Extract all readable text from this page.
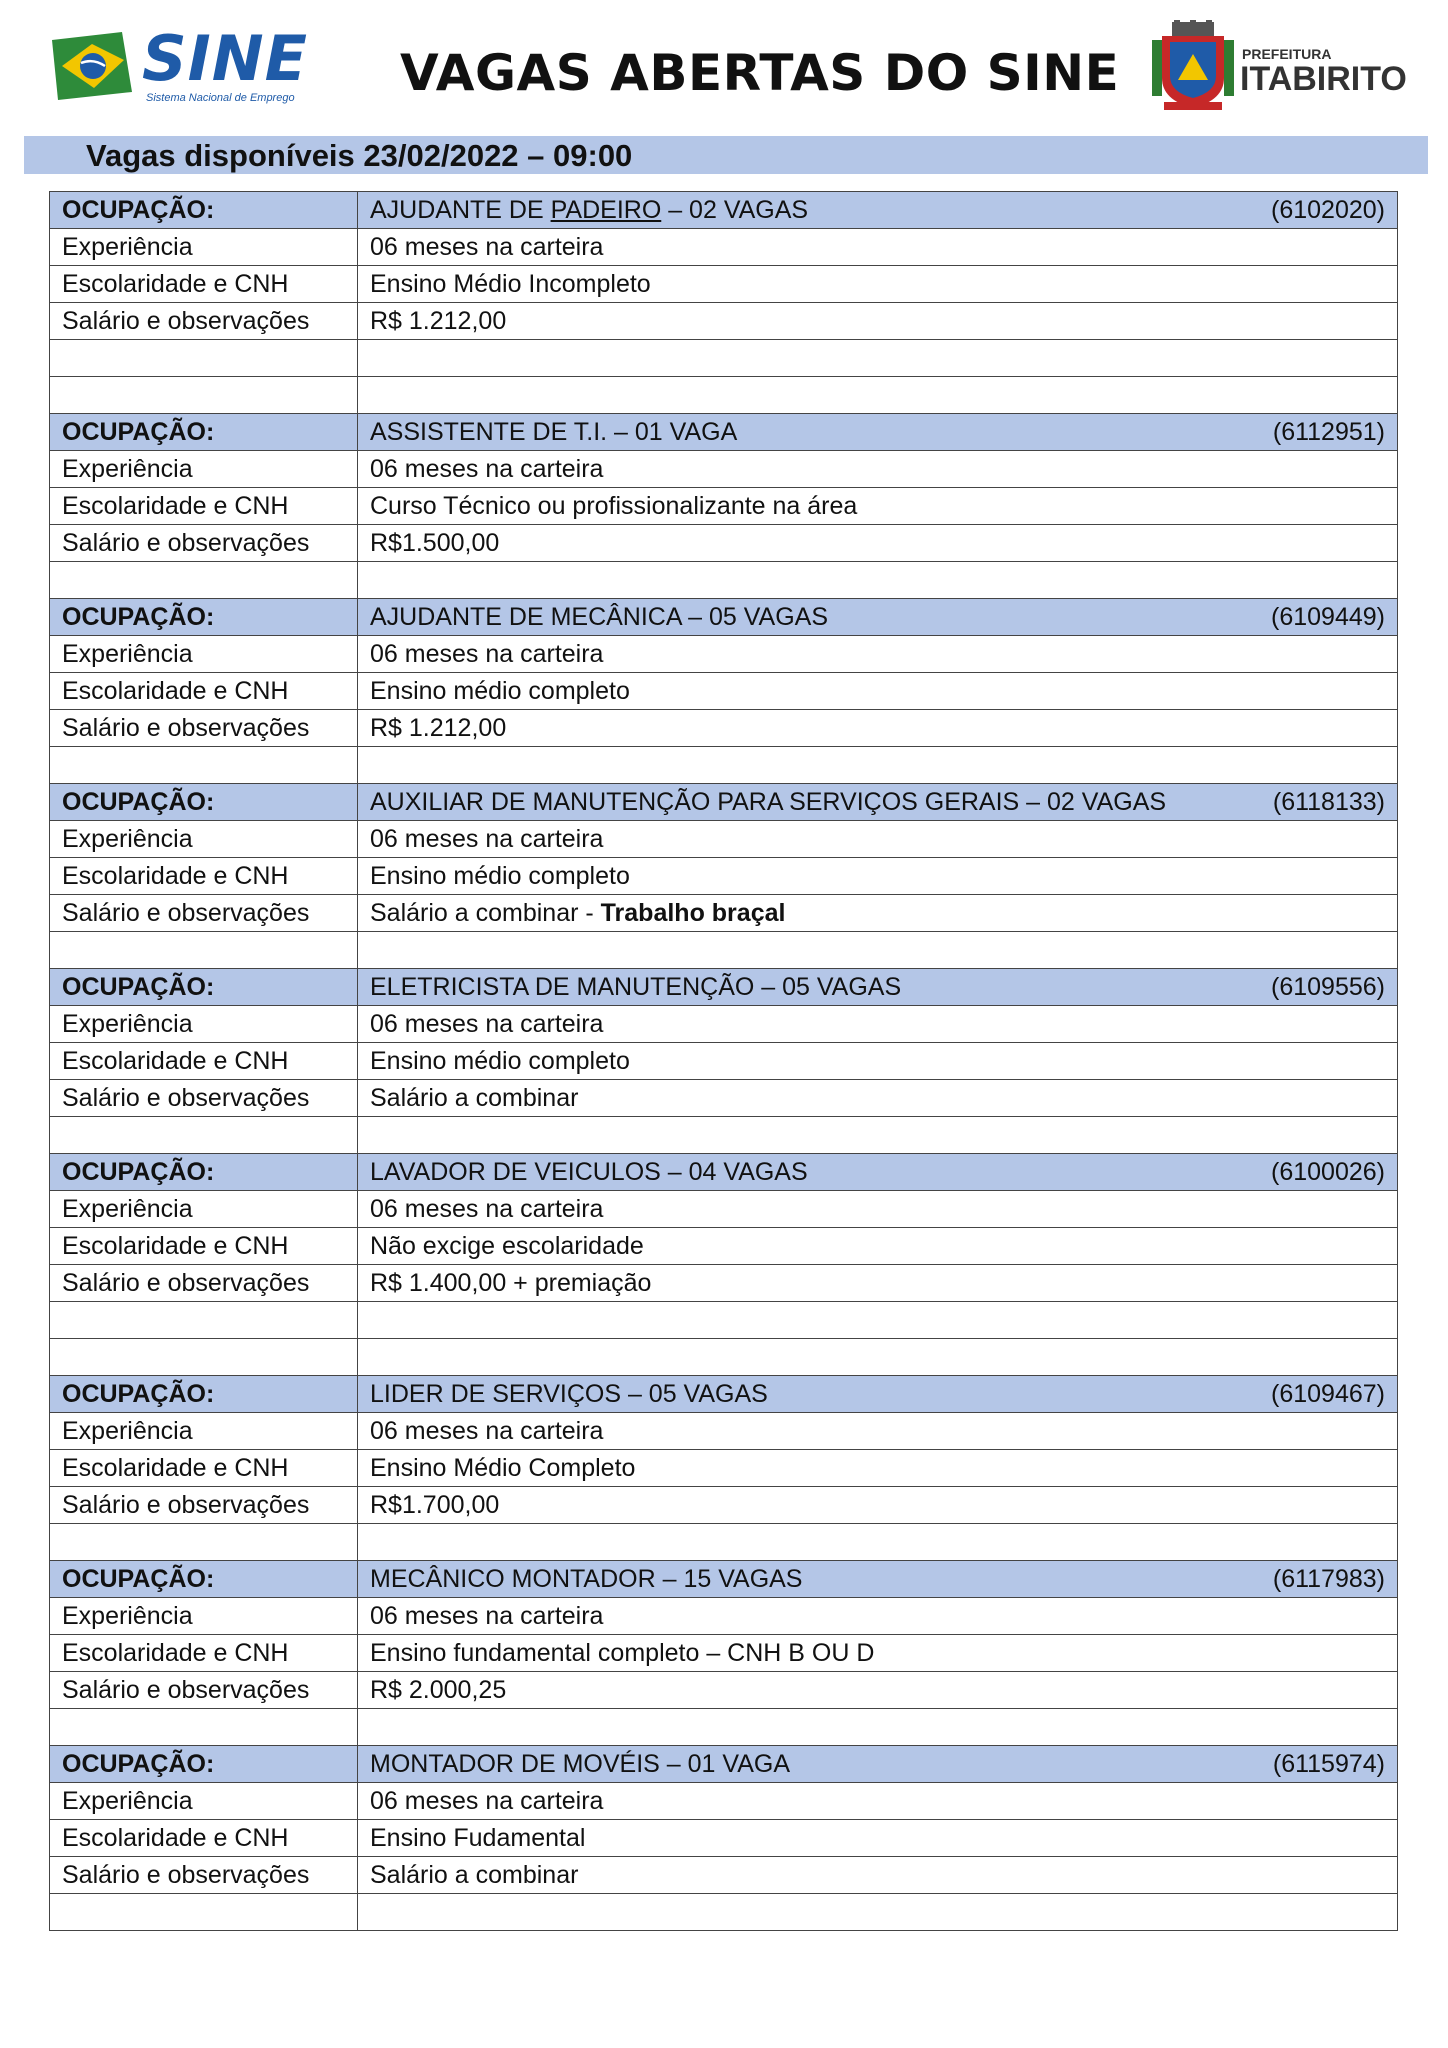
SINE
Sistema Nacional de Emprego VAGAS ABERTAS DO SINE	PREFEITURA
ITABIRITO
Vagas disponíveis 23/02/2022 – 09:00
OCUPAÇÃO:	AJUDANTE DE PADEIRO – 02 VAGAS (6102020)

Experiência	06 meses na carteira
Escolaridade e CNH	Ensino Médio Incompleto
Salário e observações	R$ 1.212,00

OCUPAÇÃO:	ASSISTENTE DE T.I. – 01 VAGA (6112951)

Experiência	06 meses na carteira
Escolaridade e CNH	Curso Técnico ou profissionalizante na área
Salário e observações	R$1.500,00

OCUPAÇÃO:	AJUDANTE DE MECÂNICA – 05 VAGAS (6109449)

Experiência	06 meses na carteira
Escolaridade e CNH	Ensino médio completo
Salário e observações	R$ 1.212,00

OCUPAÇÃO:	AUXILIAR DE MANUTENÇÃO PARA SERVIÇOS GERAIS – 02 VAGAS (6118133)

Experiência	06 meses na carteira
Escolaridade e CNH	Ensino médio completo
Salário e observações	Salário a combinar - Trabalho braçal

OCUPAÇÃO:	ELETRICISTA DE MANUTENÇÃO – 05 VAGAS (6109556)

Experiência	06 meses na carteira
Escolaridade e CNH	Ensino médio completo
Salário e observações	Salário a combinar

OCUPAÇÃO:	LAVADOR DE VEICULOS – 04 VAGAS (6100026)

Experiência	06 meses na carteira
Escolaridade e CNH	Não excige escolaridade
Salário e observações	R$ 1.400,00 + premiação

OCUPAÇÃO:	LIDER DE SERVIÇOS – 05 VAGAS (6109467)

Experiência	06 meses na carteira
Escolaridade e CNH	Ensino Médio Completo
Salário e observações	R$1.700,00

OCUPAÇÃO:	MECÂNICO MONTADOR – 15 VAGAS (6117983)

Experiência	06 meses na carteira
Escolaridade e CNH	Ensino fundamental completo – CNH B OU D
Salário e observações	R$ 2.000,25

OCUPAÇÃO:	MONTADOR DE MOVÉIS – 01 VAGA (6115974)

Experiência	06 meses na carteira
Escolaridade e CNH	Ensino Fudamental
Salário e observações	Salário a combinar
